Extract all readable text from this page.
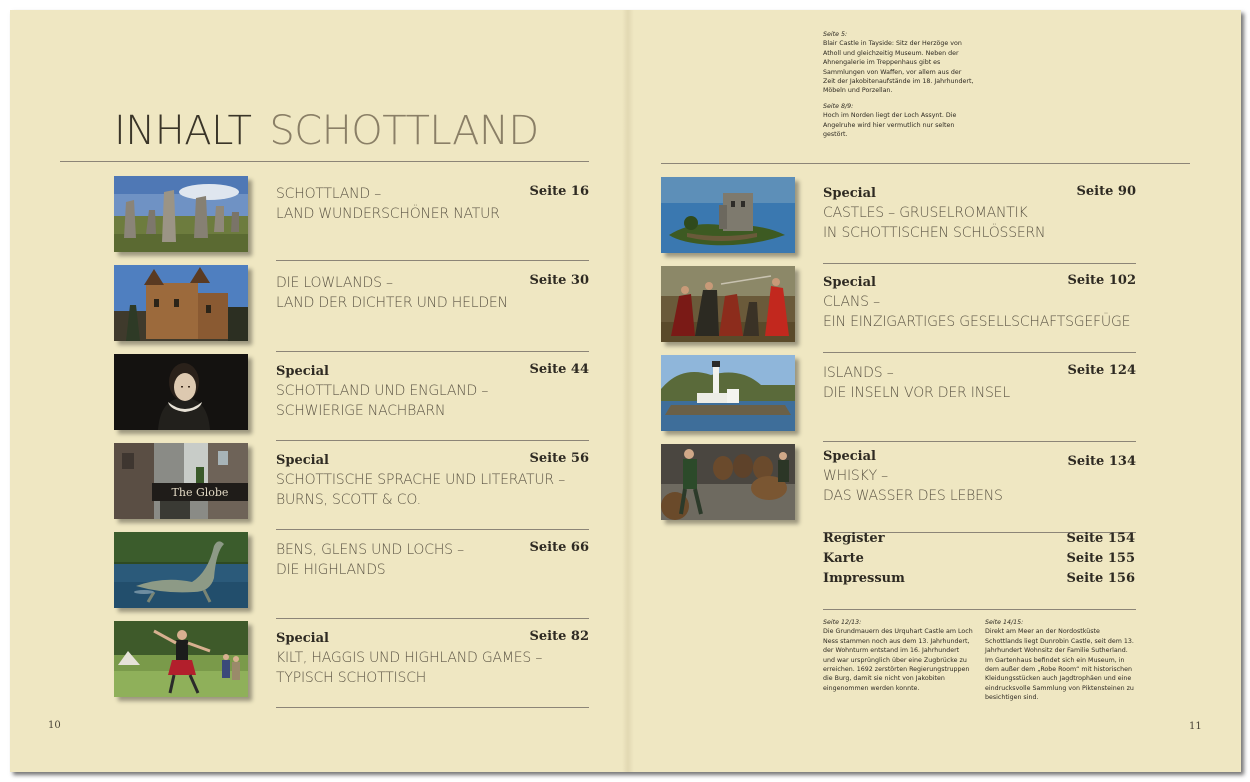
INHALT SCHOTTLAND

Seite 5:
Blair Castle in Tayside: Sitz der Herzöge von Atholl und gleichzeitig Museum. Neben der Ahnengalerie im Treppenhaus gibt es Sammlungen von Waffen, vor allem aus der Zeit der Jakobitenaufstände im 18. Jahrhundert, Möbeln und Porzellan.

Seite 8/9:
Hoch im Norden liegt der Loch Assynt. Die Angelruhe wird hier vermutlich nur selten gestört.

SCHOTTLAND –
LAND WUNDERSCHÖNER NATUR
Seite 16
DIE LOWLANDS –
LAND DER DICHTER UND HELDEN
Seite 30
Special
SCHOTTLAND UND ENGLAND –
SCHWIERIGE NACHBARN
Seite 44
The Globe
Special
SCHOTTISCHE SPRACHE UND LITERATUR –
BURNS, SCOTT & CO.
Seite 56
BENS, GLENS UND LOCHS –
DIE HIGHLANDS
Seite 66
Special
KILT, HAGGIS UND HIGHLAND GAMES –
TYPISCH SCHOTTISCH
Seite 82
Special
CASTLES – GRUSELROMANTIK
IN SCHOTTISCHEN SCHLÖSSERN
Seite 90
Special
CLANS –
EIN EINZIGARTIGES GESELLSCHAFTSGEFÜGE
Seite 102
ISLANDS –
DIE INSELN VOR DER INSEL
Seite 124
Special
WHISKY –
DAS WASSER DES LEBENS
Seite 134
Register	Seite 154
Karte	Seite 155
Impressum	Seite 156
Seite 12/13:
Die Grundmauern des Urquhart Castle am Loch Ness stammen noch aus dem 13. Jahrhundert, der Wohnturm entstand im 16. Jahrhundert und war ursprünglich über eine Zugbrücke zu erreichen. 1692 zerstörten Regierungstruppen die Burg, damit sie nicht von Jakobiten eingenommen werden konnte.
Seite 14/15:
Direkt am Meer an der Nordostküste Schottlands liegt Dunrobin Castle, seit dem 13. Jahrhundert Wohnsitz der Familie Sutherland. Im Gartenhaus befindet sich ein Museum, in dem außer dem „Robe Room“ mit historischen Kleidungsstücken auch Jagdtrophäen und eine eindrucksvolle Sammlung von Piktensteinen zu besichtigen sind.
10	11
